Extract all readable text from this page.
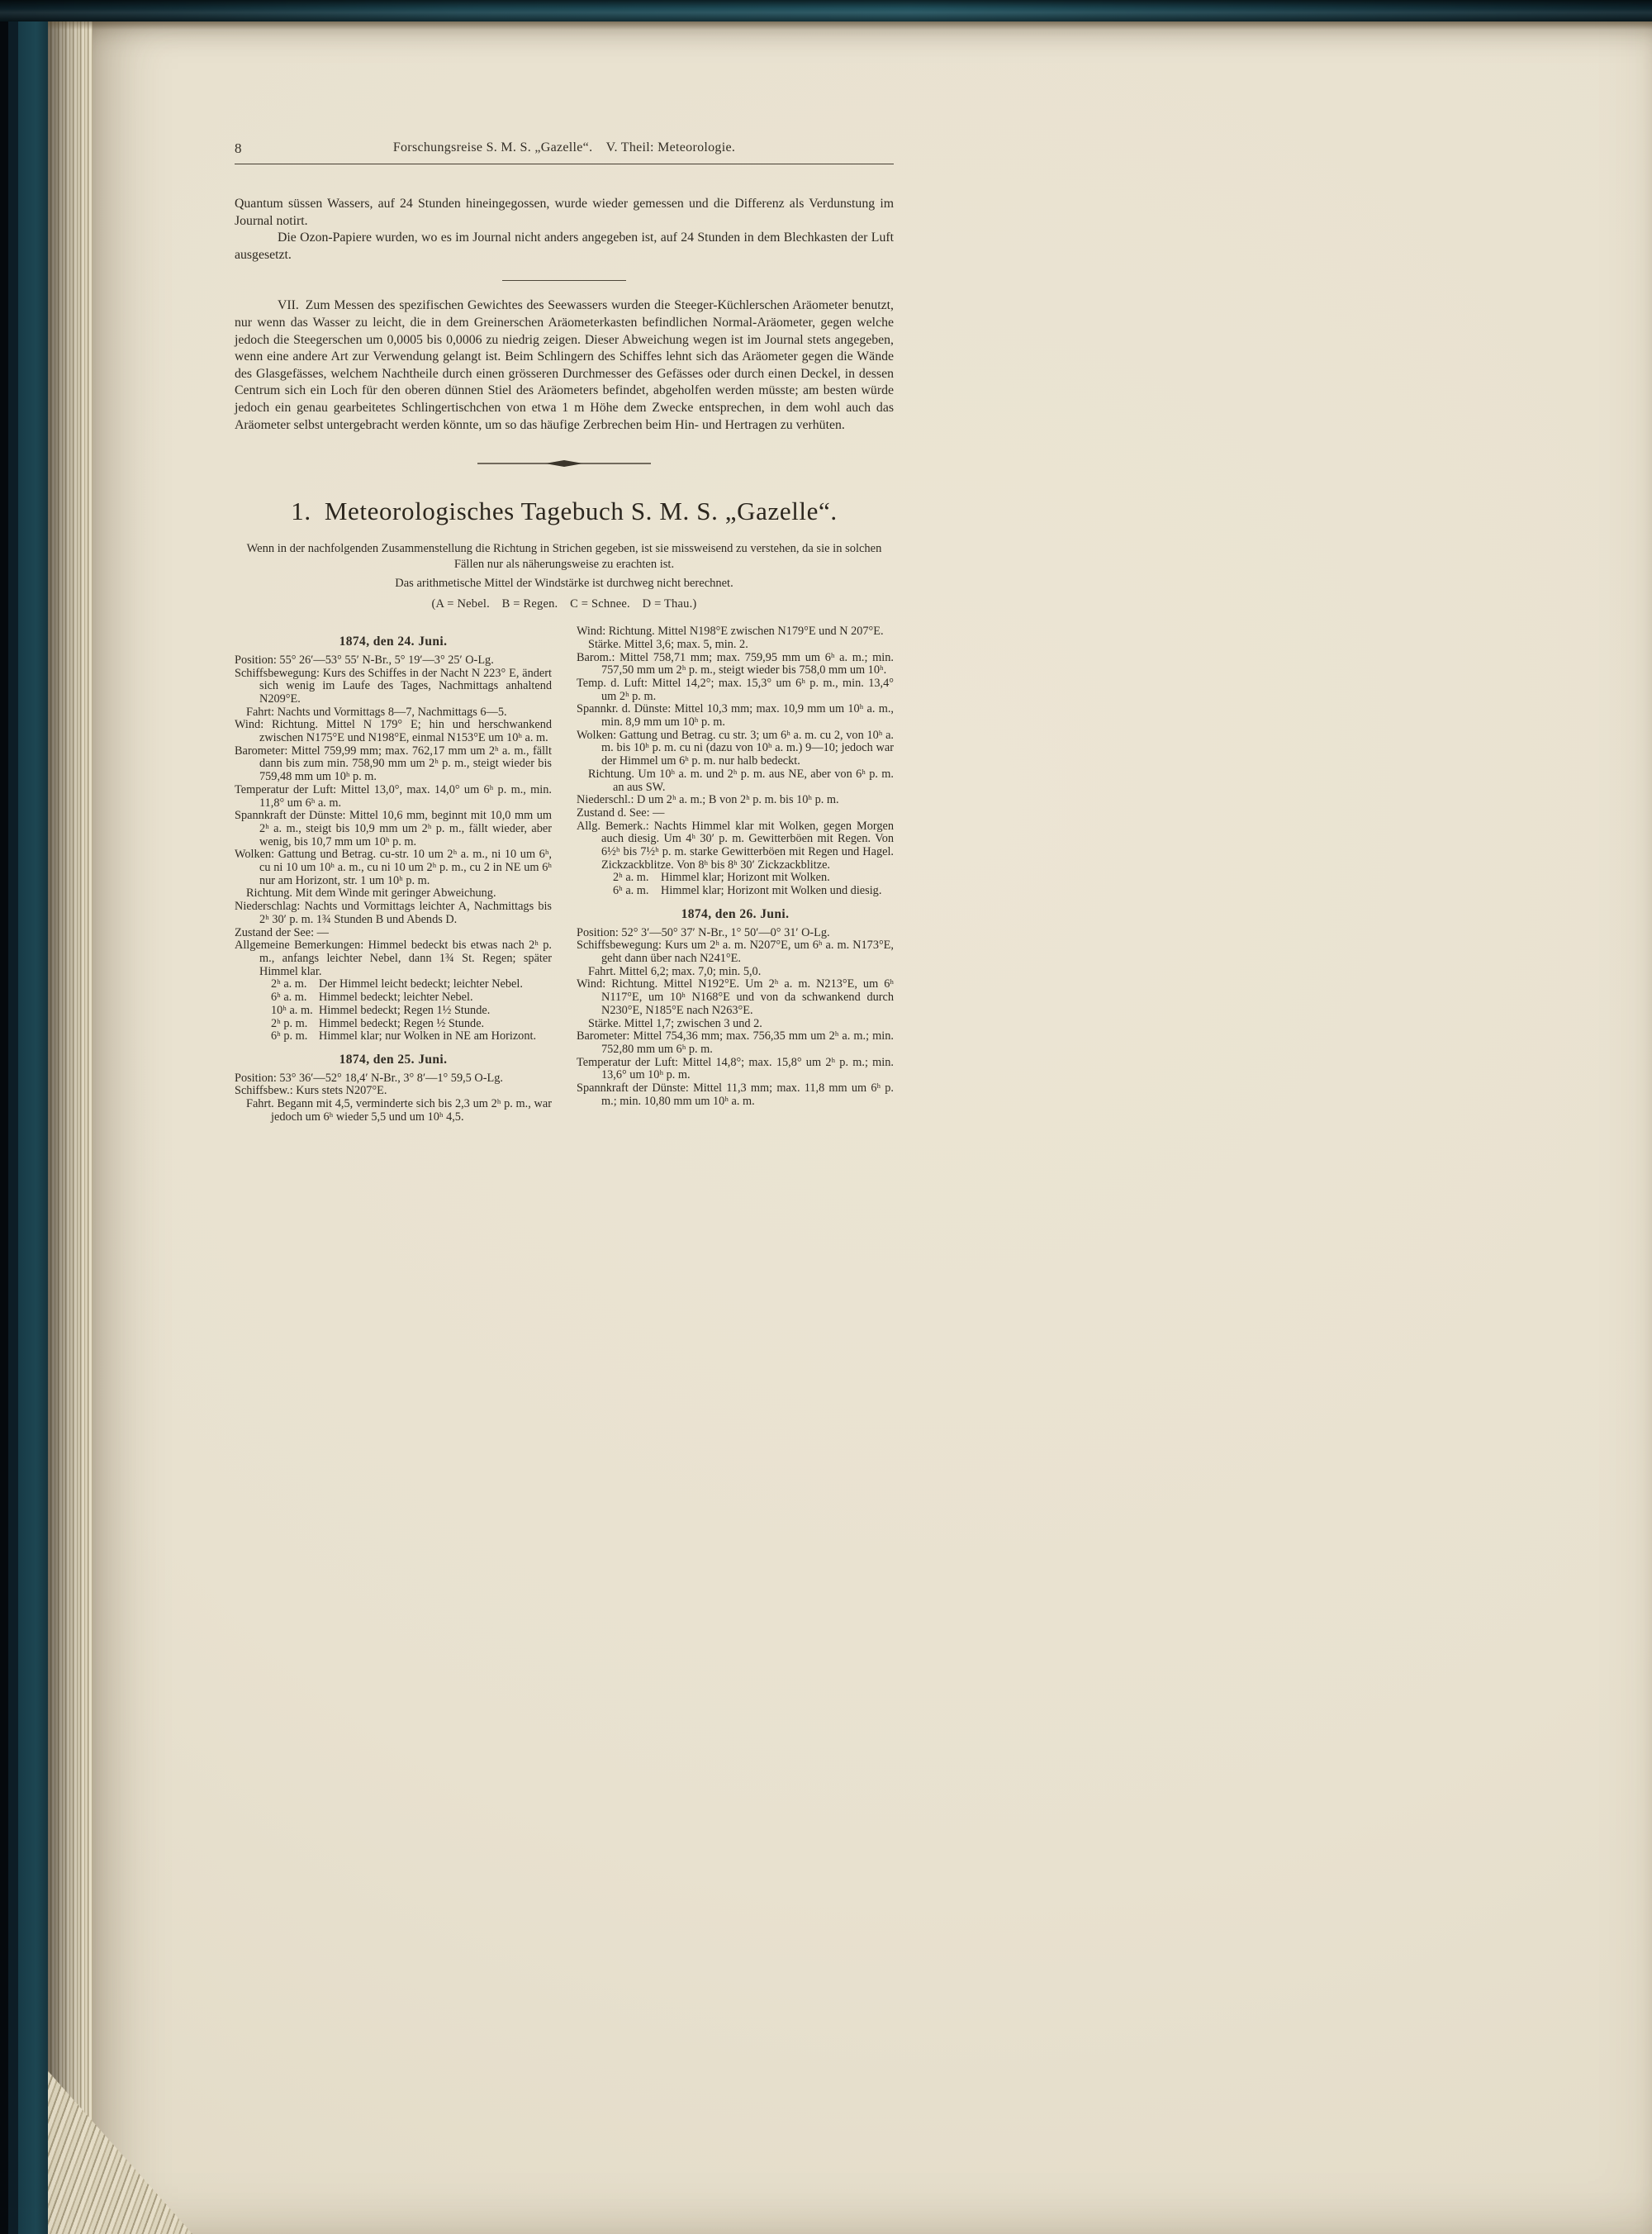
8	Forschungsreise S. M. S. „Gazelle“. V. Theil: Meteorologie.

Quantum süssen Wassers, auf 24 Stunden hineingegossen, wurde wieder gemessen und die Differenz als Verdunstung im Journal notirt.

Die Ozon-Papiere wurden, wo es im Journal nicht anders angegeben ist, auf 24 Stunden in dem Blechkasten der Luft ausgesetzt.

VII. Zum Messen des spezifischen Gewichtes des Seewassers wurden die Steeger-Küchlerschen Aräometer benutzt, nur wenn das Wasser zu leicht, die in dem Greinerschen Aräometerkasten befindlichen Normal-Aräometer, gegen welche jedoch die Steegerschen um 0,0005 bis 0,0006 zu niedrig zeigen. Dieser Abweichung wegen ist im Journal stets angegeben, wenn eine andere Art zur Verwendung gelangt ist. Beim Schlingern des Schiffes lehnt sich das Aräometer gegen die Wände des Glasgefässes, welchem Nachtheile durch einen grösseren Durchmesser des Gefässes oder durch einen Deckel, in dessen Centrum sich ein Loch für den oberen dünnen Stiel des Aräometers befindet, abgeholfen werden müsste; am besten würde jedoch ein genau gearbeitetes Schlingertischchen von etwa 1 m Höhe dem Zwecke entsprechen, in dem wohl auch das Aräometer selbst untergebracht werden könnte, um so das häufige Zerbrechen beim Hin- und Hertragen zu verhüten.

1. Meteorologisches Tagebuch S. M. S. „Gazelle“.

Wenn in der nachfolgenden Zusammenstellung die Richtung in Strichen gegeben, ist sie missweisend zu verstehen, da sie in solchen Fällen nur als näherungsweise zu erachten ist.

Das arithmetische Mittel der Windstärke ist durchweg nicht berechnet.

(A = Nebel. B = Regen. C = Schnee. D = Thau.)

1874, den 24. Juni.
Position: 55° 26′—53° 55′ N-Br., 5° 19′—3° 25′ O-Lg.
Schiffsbewegung: Kurs des Schiffes in der Nacht N 223° E, ändert sich wenig im Laufe des Tages, Nachmittags anhaltend N209°E.
Fahrt: Nachts und Vormittags 8—7, Nachmittags 6—5.
Wind: Richtung. Mittel N 179° E; hin und herschwankend zwischen N175°E und N198°E, einmal N153°E um 10ʰ a. m.
Barometer: Mittel 759,99 mm; max. 762,17 mm um 2ʰ a. m., fällt dann bis zum min. 758,90 mm um 2ʰ p. m., steigt wieder bis 759,48 mm um 10ʰ p. m.
Temperatur der Luft: Mittel 13,0°, max. 14,0° um 6ʰ p. m., min. 11,8° um 6ʰ a. m.
Spannkraft der Dünste: Mittel 10,6 mm, beginnt mit 10,0 mm um 2ʰ a. m., steigt bis 10,9 mm um 2ʰ p. m., fällt wieder, aber wenig, bis 10,7 mm um 10ʰ p. m.
Wolken: Gattung und Betrag. cu-str. 10 um 2ʰ a. m., ni 10 um 6ʰ, cu ni 10 um 10ʰ a. m., cu ni 10 um 2ʰ p. m., cu 2 in NE um 6ʰ nur am Horizont, str. 1 um 10ʰ p. m.
Richtung. Mit dem Winde mit geringer Abweichung.
Niederschlag: Nachts und Vormittags leichter A, Nachmittags bis 2ʰ 30′ p. m. 1¾ Stunden B und Abends D.
Zustand der See: —
Allgemeine Bemerkungen: Himmel bedeckt bis etwas nach 2ʰ p. m., anfangs leichter Nebel, dann 1¾ St. Regen; später Himmel klar.
2ʰ a. m. Der Himmel leicht bedeckt; leichter Nebel.
6ʰ a. m. Himmel bedeckt; leichter Nebel.
10ʰ a. m. Himmel bedeckt; Regen 1½ Stunde.
2ʰ p. m. Himmel bedeckt; Regen ½ Stunde.
6ʰ p. m. Himmel klar; nur Wolken in NE am Horizont.
1874, den 25. Juni.
Position: 53° 36′—52° 18,4′ N-Br., 3° 8′—1° 59,5 O-Lg.
Schiffsbew.: Kurs stets N207°E.
Fahrt. Begann mit 4,5, verminderte sich bis 2,3 um 2ʰ p. m., war jedoch um 6ʰ wieder 5,5 und um 10ʰ 4,5.
Wind: Richtung. Mittel N198°E zwischen N179°E und N 207°E.
Stärke. Mittel 3,6; max. 5, min. 2.
Barom.: Mittel 758,71 mm; max. 759,95 mm um 6ʰ a. m.; min. 757,50 mm um 2ʰ p. m., steigt wieder bis 758,0 mm um 10ʰ.
Temp. d. Luft: Mittel 14,2°; max. 15,3° um 6ʰ p. m., min. 13,4° um 2ʰ p. m.
Spannkr. d. Dünste: Mittel 10,3 mm; max. 10,9 mm um 10ʰ a. m., min. 8,9 mm um 10ʰ p. m.
Wolken: Gattung und Betrag. cu str. 3; um 6ʰ a. m. cu 2, von 10ʰ a. m. bis 10ʰ p. m. cu ni (dazu von 10ʰ a. m.) 9—10; jedoch war der Himmel um 6ʰ p. m. nur halb bedeckt.
Richtung. Um 10ʰ a. m. und 2ʰ p. m. aus NE, aber von 6ʰ p. m. an aus SW.
Niederschl.: D um 2ʰ a. m.; B von 2ʰ p. m. bis 10ʰ p. m.
Zustand d. See: —
Allg. Bemerk.: Nachts Himmel klar mit Wolken, gegen Morgen auch diesig. Um 4ʰ 30′ p. m. Gewitterböen mit Regen. Von 6½ʰ bis 7½ʰ p. m. starke Gewitterböen mit Regen und Hagel. Zickzackblitze. Von 8ʰ bis 8ʰ 30′ Zickzackblitze.
2ʰ a. m. Himmel klar; Horizont mit Wolken.
6ʰ a. m. Himmel klar; Horizont mit Wolken und diesig.
1874, den 26. Juni.
Position: 52° 3′—50° 37′ N-Br., 1° 50′—0° 31′ O-Lg.
Schiffsbewegung: Kurs um 2ʰ a. m. N207°E, um 6ʰ a. m. N173°E, geht dann über nach N241°E.
Fahrt. Mittel 6,2; max. 7,0; min. 5,0.
Wind: Richtung. Mittel N192°E. Um 2ʰ a. m. N213°E, um 6ʰ N117°E, um 10ʰ N168°E und von da schwankend durch N230°E, N185°E nach N263°E.
Stärke. Mittel 1,7; zwischen 3 und 2.
Barometer: Mittel 754,36 mm; max. 756,35 mm um 2ʰ a. m.; min. 752,80 mm um 6ʰ p. m.
Temperatur der Luft: Mittel 14,8°; max. 15,8° um 2ʰ p. m.; min. 13,6° um 10ʰ p. m.
Spannkraft der Dünste: Mittel 11,3 mm; max. 11,8 mm um 6ʰ p. m.; min. 10,80 mm um 10ʰ a. m.
